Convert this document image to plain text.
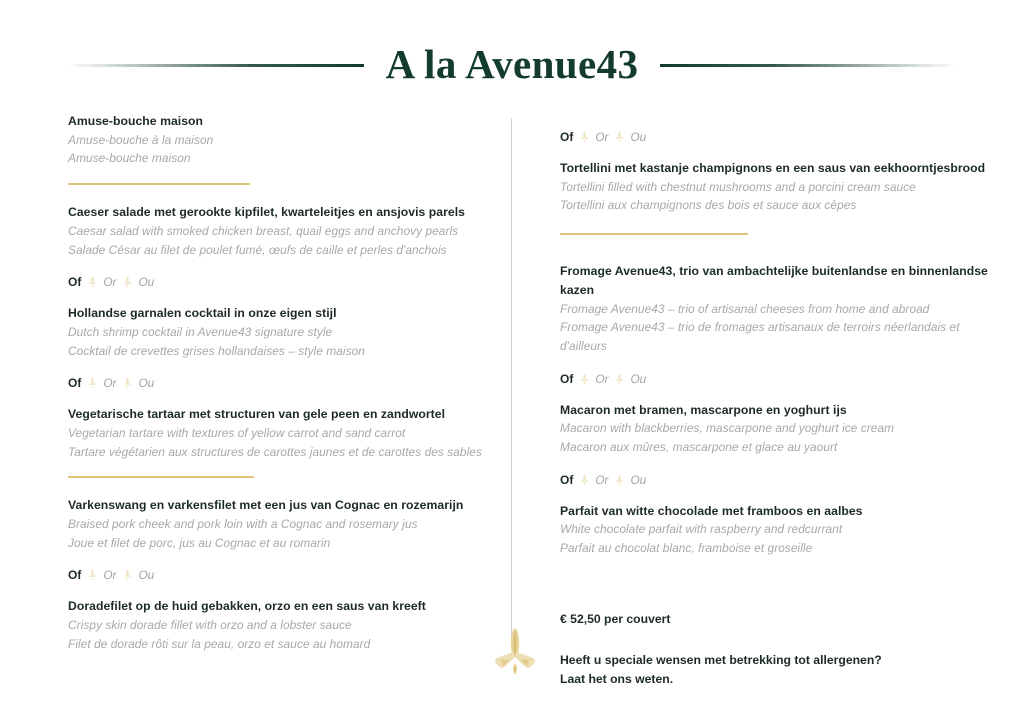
A la Avenue43
Amuse-bouche maison
Amuse-bouche à la maison
Amuse-bouche maison
Caeser salade met gerookte kipfilet, kwarteleitjes en ansjovis parels
Caesar salad with smoked chicken breast, quail eggs and anchovy pearls
Salade César au filet de poulet fumé, œufs de caille et perles d'anchois
Of Or Ou
Hollandse garnalen cocktail in onze eigen stijl
Dutch shrimp cocktail in Avenue43 signature style
Cocktail de crevettes grises hollandaises – style maison
Of Or Ou
Vegetarische tartaar met structuren van gele peen en zandwortel
Vegetarian tartare with textures of yellow carrot and sand carrot
Tartare végétarien aux structures de carottes jaunes et de carottes des sables
Varkenswang en varkensfilet met een jus van Cognac en rozemarijn
Braised pork cheek and pork loin with a Cognac and rosemary jus
Joue et filet de porc, jus au Cognac et au romarin
Of Or Ou
Doradefilet op de huid gebakken, orzo en een saus van kreeft
Crispy skin dorade fillet with orzo and a lobster sauce
Filet de dorade rôti sur la peau, orzo et sauce au homard
Of Or Ou
Tortellini met kastanje champignons en een saus van eekhoorntjesbrood
Tortellini filled with chestnut mushrooms and a porcini cream sauce
Tortellini aux champignons des bois et sauce aux cèpes
Fromage Avenue43, trio van ambachtelijke buitenlandse en binnenlandse kazen
Fromage Avenue43 – trio of artisanal cheeses from home and abroad
Fromage Avenue43 – trio de fromages artisanaux de terroirs néerlandais et d'ailleurs
Of Or Ou
Macaron met bramen, mascarpone en yoghurt ijs
Macaron with blackberries, mascarpone and yoghurt ice cream
Macaron aux mûres, mascarpone et glace au yaourt
Of Or Ou
Parfait van witte chocolade met framboos en aalbes
White chocolate parfait with raspberry and redcurrant
Parfait au chocolat blanc, framboise et groseille
€ 52,50 per couvert
Heeft u speciale wensen met betrekking tot allergenen?
Laat het ons weten.
